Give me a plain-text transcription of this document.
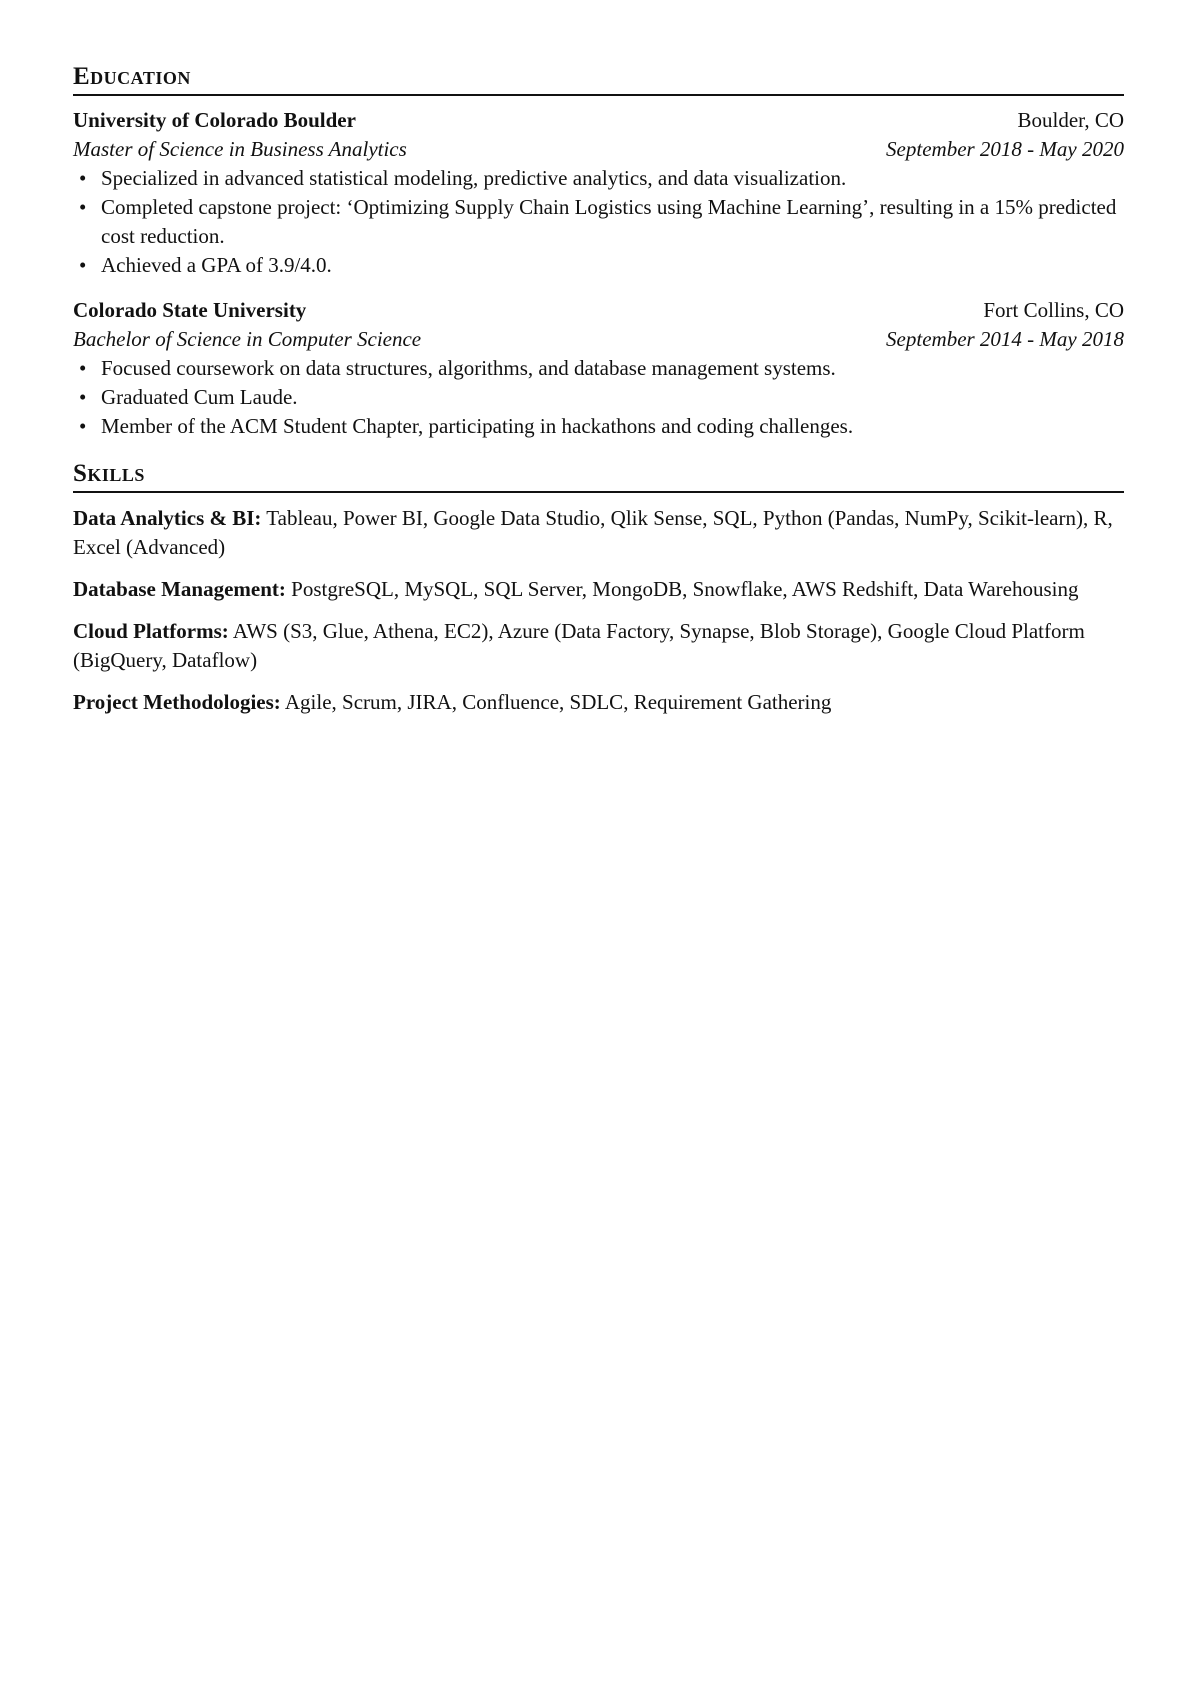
Education
University of Colorado Boulder	Boulder, CO
Master of Science in Business Analytics	September 2018 - May 2020
• Specialized in advanced statistical modeling, predictive analytics, and data visualization.
• Completed capstone project: ‘Optimizing Supply Chain Logistics using Machine Learning’, resulting in a 15% predicted cost reduction.
• Achieved a GPA of 3.9/4.0.
Colorado State University	Fort Collins, CO
Bachelor of Science in Computer Science	September 2014 - May 2018
• Focused coursework on data structures, algorithms, and database management systems.
• Graduated Cum Laude.
• Member of the ACM Student Chapter, participating in hackathons and coding challenges.
Skills
Data Analytics & BI: Tableau, Power BI, Google Data Studio, Qlik Sense, SQL, Python (Pandas, NumPy, Scikit-learn), R, Excel (Advanced)
Database Management: PostgreSQL, MySQL, SQL Server, MongoDB, Snowflake, AWS Redshift, Data Warehousing
Cloud Platforms: AWS (S3, Glue, Athena, EC2), Azure (Data Factory, Synapse, Blob Storage), Google Cloud Platform (BigQuery, Dataflow)
Project Methodologies: Agile, Scrum, JIRA, Confluence, SDLC, Requirement Gathering
